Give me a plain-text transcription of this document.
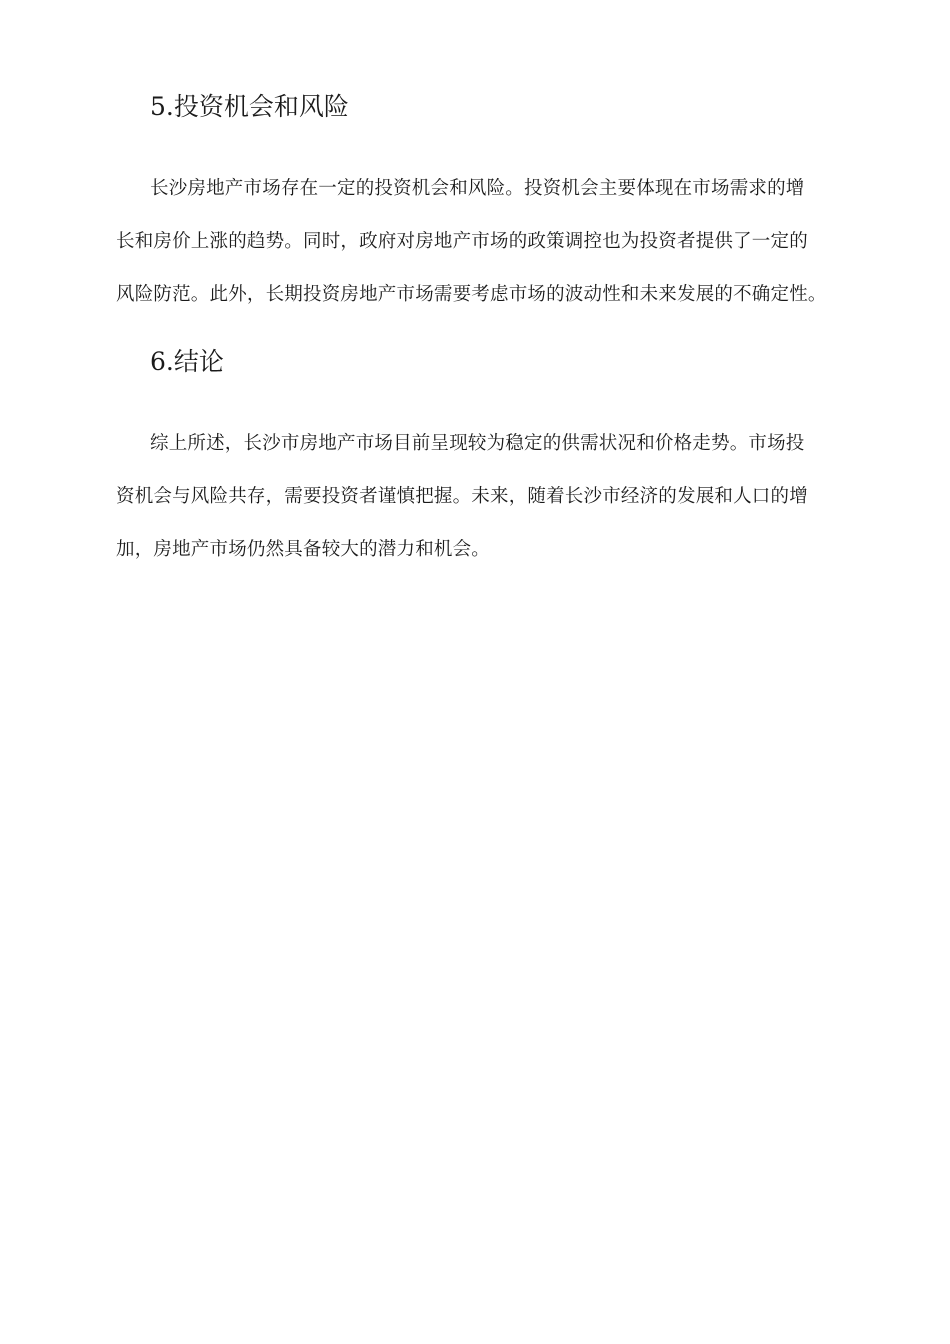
5.投资机会和风险
长沙房地产市场存在一定的投资机会和风险。投资机会主要体现在市场需求的增
长和房价上涨的趋势。同时，政府对房地产市场的政策调控也为投资者提供了一定的
风险防范。此外，长期投资房地产市场需要考虑市场的波动性和未来发展的不确定性。
6.结论
综上所述，长沙市房地产市场目前呈现较为稳定的供需状况和价格走势。市场投
资机会与风险共存，需要投资者谨慎把握。未来，随着长沙市经济的发展和人口的增
加，房地产市场仍然具备较大的潜力和机会。
